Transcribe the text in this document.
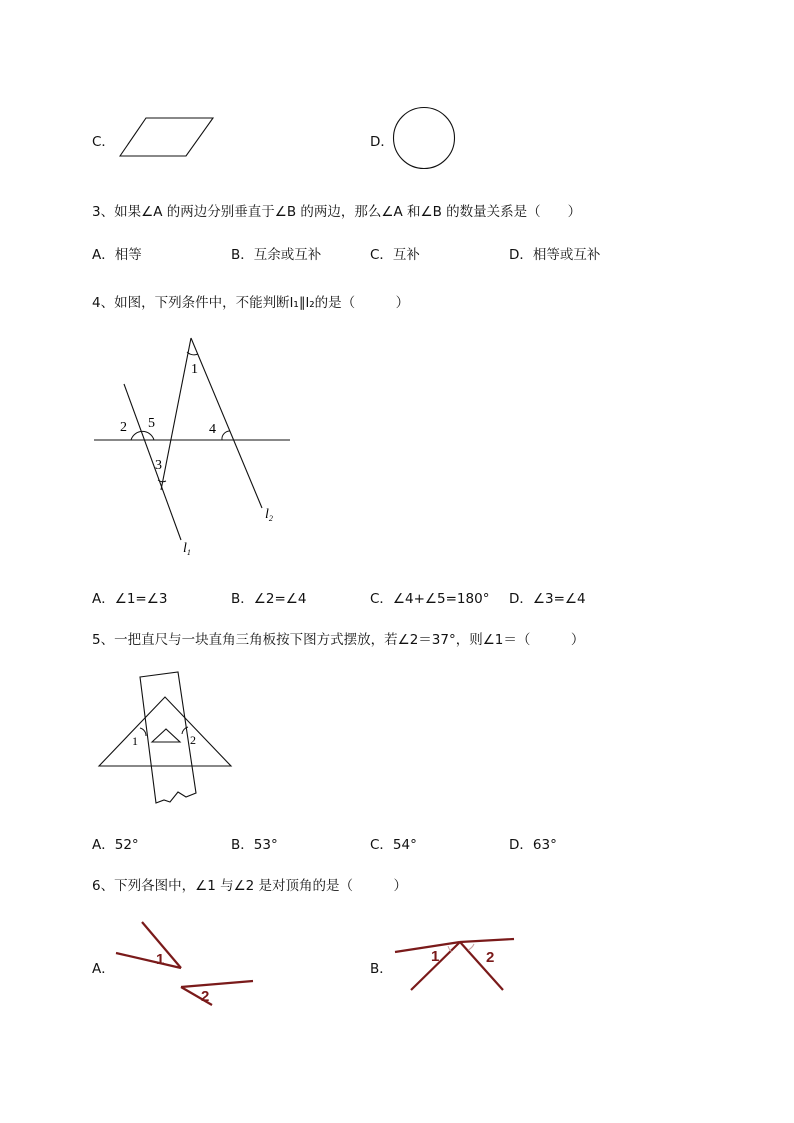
C．	D．
3、如果∠A 的两边分别垂直于∠B 的两边，那么∠A 和∠B 的数量关系是（　　）
A．相等	B．互余或互补	C．互补	D．相等或互补
4、如图，下列条件中，不能判断l₁∥l₂的是（　　　）
1
2 5
3
4
$l_1$
$l_2$
A．∠1=∠3	B．∠2=∠4	C．∠4+∠5=180° D．∠3=∠4
5、一把直尺与一块直角三角板按下图方式摆放，若∠2＝37°，则∠1＝（　　　）
1	2
A．52°	B．53°	C．54°	D．63°
6、下列各图中，∠1 与∠2 是对顶角的是（　　　）
A．
1
2
B．
1	2
